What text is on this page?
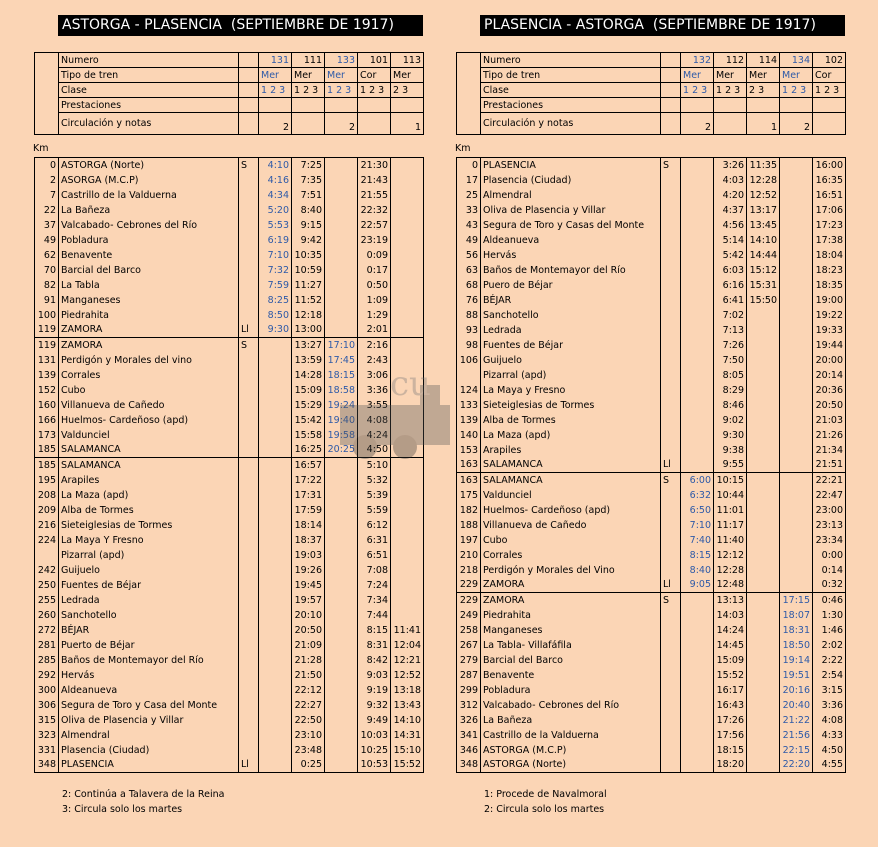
ASTORGA - PLASENCIA  (SEPTIEMBRE DE 1917)	PLASENCIA - ASTORGA  (SEPTIEMBRE DE 1917)
	Numero		131	111	133	101	113
	Tipo de tren		Mer	Mer	Mer	Cor	Mer
	Clase		1 2 3	1 2 3	1 2 3	1 2 3	2 3
	Prestaciones						
	Circulación y notas		2		2		1
Km
0	ASTORGA (Norte)	S	4:10	7:25		21:30	
2	ASORGA (M.C.P)		4:16	7:35		21:43	
7	Castrillo de la Valduerna		4:34	7:51		21:55	
22	La Bañeza		5:20	8:40		22:32	
37	Valcabado- Cebrones del Río		5:53	9:15		22:57	
49	Pobladura		6:19	9:42		23:19	
62	Benavente		7:10	10:35		0:09	
70	Barcial del Barco		7:32	10:59		0:17	
82	La Tabla		7:59	11:27		0:50	
91	Manganeses		8:25	11:52		1:09	
100	Piedrahita		8:50	12:18		1:29	
119	ZAMORA	Ll	9:30	13:00		2:01	
119	ZAMORA	S		13:27	17:10	2:16	
131	Perdigón y Morales del vino			13:59	17:45	2:43	
139	Corrales			14:28	18:15	3:06	
152	Cubo			15:09	18:58	3:36	
160	Villanueva de Cañedo			15:29	19:24	3:55	
166	Huelmos- Cardeñoso (apd)			15:42	19:40	4:08	
173	Valdunciel			15:58	19:58	4:24	
185	SALAMANCA			16:25	20:25	4:50	
185	SALAMANCA			16:57		5:10	
195	Arapiles			17:22		5:32	
208	La Maza (apd)			17:31		5:39	
209	Alba de Tormes			17:59		5:59	
216	Sieteiglesias de Tormes			18:14		6:12	
224	La Maya Y Fresno			18:37		6:31	
	Pizarral (apd)			19:03		6:51	
242	Guijuelo			19:26		7:08	
250	Fuentes de Béjar			19:45		7:24	
255	Ledrada			19:57		7:34	
260	Sanchotello			20:10		7:44	
272	BÉJAR			20:50		8:15	11:41
281	Puerto de Béjar			21:09		8:31	12:04
285	Baños de Montemayor del Río			21:28		8:42	12:21
292	Hervás			21:50		9:03	12:52
300	Aldeanueva			22:12		9:19	13:18
306	Segura de Toro y Casa del Monte			22:27		9:32	13:43
315	Oliva de Plasencia y Villar			22:50		9:49	14:10
323	Almendral			23:10		10:03	14:31
331	Plasencia (Ciudad)			23:48		10:25	15:10
348	PLASENCIA	Ll		0:25		10:53	15:52
2: Continúa a Talavera de la Reina
3: Circula solo los martes
	Numero		132	112	114	134	102
	Tipo de tren		Mer	Mer	Mer	Mer	Cor
	Clase		1 2 3	1 2 3	2 3	1 2 3	1 2 3
	Prestaciones						
	Circulación y notas		2		1	2	
Km
0	PLASENCIA	S		3:26	11:35		16:00
17	Plasencia (Ciudad)			4:03	12:28		16:35
25	Almendral			4:20	12:52		16:51
33	Oliva de Plasencia y Villar			4:37	13:17		17:06
43	Segura de Toro y Casas del Monte			4:56	13:45		17:23
49	Aldeanueva			5:14	14:10		17:38
56	Hervás			5:42	14:44		18:04
63	Baños de Montemayor del Río			6:03	15:12		18:23
68	Puero de Béjar			6:16	15:31		18:35
76	BÉJAR			6:41	15:50		19:00
88	Sanchotello			7:02			19:22
93	Ledrada			7:13			19:33
98	Fuentes de Béjar			7:26			19:44
106	Guijuelo			7:50			20:00
	Pizarral (apd)			8:05			20:14
124	La Maya y Fresno			8:29			20:36
133	Sieteiglesias de Tormes			8:46			20:50
139	Alba de Tormes			9:02			21:03
140	La Maza (apd)			9:30			21:26
153	Arapiles			9:38			21:34
163	SALAMANCA	Ll		9:55			21:51
163	SALAMANCA	S	6:00	10:15			22:21
175	Valdunciel		6:32	10:44			22:47
182	Huelmos- Cardeñoso (apd)		6:50	11:01			23:00
188	Villanueva de Cañedo		7:10	11:17			23:13
197	Cubo		7:40	11:40			23:34
210	Corrales		8:15	12:12			0:00
218	Perdigón y Morales del Vino		8:40	12:28			0:14
229	ZAMORA	Ll	9:05	12:48			0:32
229	ZAMORA	S		13:13		17:15	0:46
249	Piedrahita			14:03		18:07	1:30
258	Manganeses			14:24		18:31	1:46
267	La Tabla- Villafáfila			14:45		18:50	2:02
279	Barcial del Barco			15:09		19:14	2:22
287	Benavente			15:52		19:51	2:54
299	Pobladura			16:17		20:16	3:15
312	Valcabado- Cebrones del Río			16:43		20:40	3:36
326	La Bañeza			17:26		21:22	4:08
341	Castrillo de la Valduerna			17:56		21:56	4:33
346	ASTORGA (M.C.P)			18:15		22:15	4:50
348	ASTORGA (Norte)			18:20		22:20	4:55
1: Procede de Navalmoral
2: Circula solo los martes
cu
